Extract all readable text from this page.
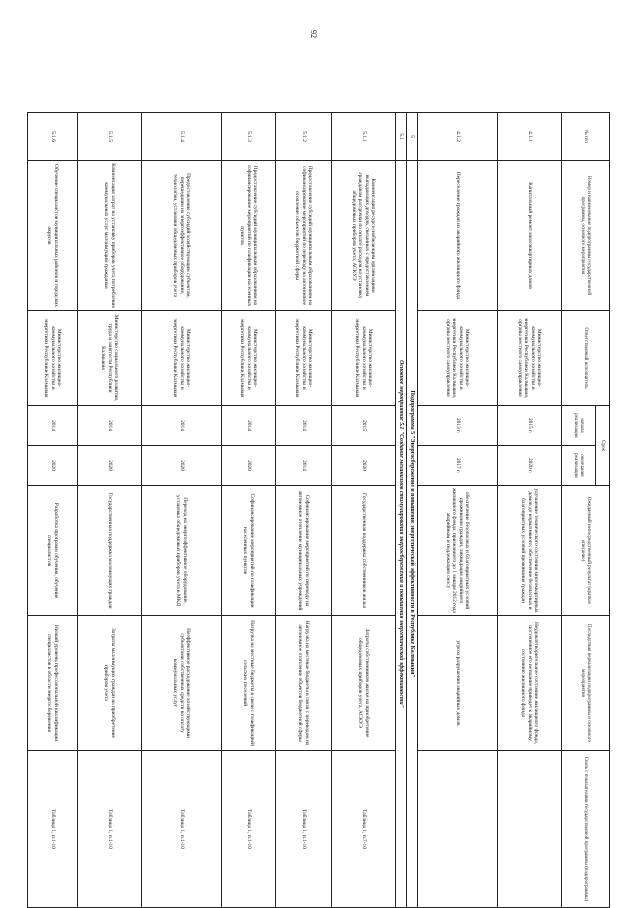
92
№ п/п	Номер и наименование подпрограммы государственной программы, основного мероприятия	Ответственный исполнитель	Срок		Ожидаемый непосредственный результат (краткое описание)	Последствия нереализации подпрограммы и основного мероприятия	Связь с показателями государственной программы (подпрограммы)
			начала реализации	окончания реализации			
4.1.1	Капитальный ремонт многоквартирных домов	Министерство жилищно-коммунального хозяйства и энергетики Республики Калмыкия, органы местного самоуправления	2015 г.	2020 г.	улучшение технического состояния многоквартирных домов до нормативного; обеспечение безопасных и благоприятных условий проживания граждан	Неудовлетворительное состояние жилищного фонда, постепенное его ветшание приведет к аварийному состоянию жилищного фонда	
4.1.2	Переселение граждан из аварийного жилищного фонда	Министерство жилищно-коммунального хозяйства и энергетики Республики Калмыкия, органы местного самоуправления	2013 г.	2017 г.	обеспечение безопасных и благоприятных условий проживания граждан, ликвидация аварийного жилищного фонда, признанного до 1 января 2012 года аварийным и подлежащим сносу	угроза разрушения аварийных домов	
5	Подпрограмма 5 "Энергосбережение и повышение энергетической эффективности в Республике Калмыкия"						
5.1	Основное мероприятие 5.1 "Создание механизмов стимулирования энергосбережения и повышения энергетической эффективности"						
5.1.1	Компенсация ресурсоснабжающим организациям выпадающих доходов, связанных с предоставлением гражданам рассрочки по оплате расходов на установку общедомовых приборов учета, АСКУЭ	Министерство жилищно-коммунального хозяйства и энергетики Республики Калмыкия	2015	2020	Государственная поддержка собственников жилья	Затраты собственников жилья на приобретение общедомовых приборов учета, АСКУЭ	Таблица 1, п.7-10
5.1.2	Предоставление субсидий муниципальным образованиям на софинансирование мероприятий по переводу на автономное отопление объектов бюджетной сферы	Министерство жилищно-коммунального хозяйства и энергетики Республики Калмыкия	2014	2014	Софинансирование мероприятий по переводу на автономное отопление муниципальных учреждений	Нагрузка на местные бюджеты в связи с переводом на автономное отопление объектов бюджетной сферы	Таблица 1, п.1-10
5.1.3	Предоставление субсидий муниципальным образованиям на софинансирование мероприятий по газификации населенных пунктов	Министерство жилищно-коммунального хозяйства и энергетики Республики Калмыкия	2014	2020	Софинансирование мероприятий по газификации населенных пунктов	Нагрузка на местные бюджеты в связи с газификацией сельских поселений	Таблица 1, п.1-10
5.1.4	Предоставление субсидий хозяйствующим субъектам, перешедшим на энергоэффективное оборудование, технологии, установки общедомовых приборов учета	Министерство жилищно-коммунального хозяйства и энергетики Республики Калмыкия	2014	2020	Переход на энергоэффективное оборудование, установка общедомовых приборов учета в МКД	Неэффективное расходование хозяйствующими субъектами собственных средств на оплату коммунальных услуг	Таблица 1, п.1-10
5.1.5	Компенсация затрат на установку приборов учета потребления коммунальных услуг малоимущим гражданам	Министерство социального развития, труда и занятости Республики Калмыкия	2014	2020	Государственная поддержка малоимущих граждан	Затраты малоимущих граждан на приобретение приборов учета	Таблица 1, п.1-10
5.1.6	Обучение специалистов муниципальных районов и городских округов	Министерство жилищно-коммунального хозяйства и энергетики Республики Калмыкия	2014	2020	Разработка программ обучения, обучение специалистов	Низкий уровень профессиональной квалификации специалистов в области энергосбережения	Таблица 1, п.1-10
